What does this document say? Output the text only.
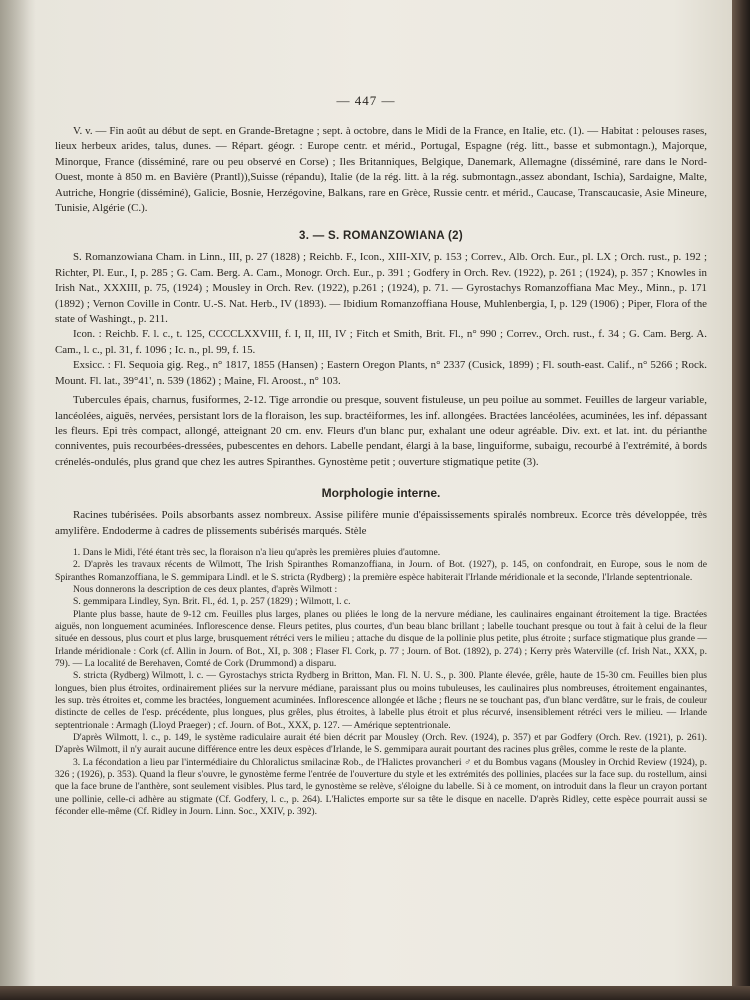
— 447 —

V. v. — Fin août au début de sept. en Grande-Bretagne ; sept. à octobre, dans le Midi de la France, en Italie, etc. (1). — Habitat : pelouses rases, lieux herbeux arides, talus, dunes. — Répart. géogr. : Europe centr. et mérid., Portugal, Espagne (rég. litt., basse et submontagn.), Majorque, Minorque, France (disséminé, rare ou peu observé en Corse) ; Iles Britanniques, Belgique, Danemark, Allemagne (disséminé, rare dans le Nord-Ouest, monte à 850 m. en Bavière (Prantl)),Suisse (répandu), Italie (de la rég. litt. à la rég. submontagn.,assez abondant, Ischia), Sardaigne, Malte, Autriche, Hongrie (disséminé), Galicie, Bosnie, Herzégovine, Balkans, rare en Grèce, Russie centr. et mérid., Caucase, Transcaucasie, Asie Mineure, Tunisie, Algérie (C.).

3. — S. ROMANZOWIANA (2)

S. Romanzowiana Cham. in Linn., III, p. 27 (1828) ; Reichb. F., Icon., XIII-XIV, p. 153 ; Correv., Alb. Orch. Eur., pl. LX ; Orch. rust., p. 192 ; Richter, Pl. Eur., I, p. 285 ; G. Cam. Berg. A. Cam., Monogr. Orch. Eur., p. 391 ; Godfery in Orch. Rev. (1922), p. 261 ; (1924), p. 357 ; Knowles in Irish Nat., XXXIII, p. 75, (1924) ; Mousley in Orch. Rev. (1922), p.261 ; (1924), p. 71. — Gyrostachys Romanzoffiana Mac Mey., Minn., p. 171 (1892) ; Vernon Coville in Contr. U.-S. Nat. Herb., IV (1893). — Ibidium Romanzoffiana House, Muhlenbergia, I, p. 129 (1906) ; Piper, Flora of the state of Washingt., p. 211.

Icon. : Reichb. F. l. c., t. 125, CCCCLXXVIII, f. I, II, III, IV ; Fitch et Smith, Brit. Fl., n° 990 ; Correv., Orch. rust., f. 34 ; G. Cam. Berg. A. Cam., l. c., pl. 31, f. 1096 ; Ic. n., pl. 99, f. 15.

Exsicc. : Fl. Sequoia gig. Reg., n° 1817, 1855 (Hansen) ; Eastern Oregon Plants, n° 2337 (Cusick, 1899) ; Fl. south-east. Calif., n° 5266 ; Rock. Mount. Fl. lat., 39°41', n. 539 (1862) ; Maine, Fl. Aroost., n° 103.

Tubercules épais, charnus, fusiformes, 2-12. Tige arrondie ou presque, souvent fistuleuse, un peu poilue au sommet. Feuilles de largeur variable, lancéolées, aiguës, nervées, persistant lors de la floraison, les sup. bractéiformes, les inf. allongées. Bractées lancéolées, acuminées, les inf. dépassant les fleurs. Epi très compact, allongé, atteignant 20 cm. env. Fleurs d'un blanc pur, exhalant une odeur agréable. Div. ext. et lat. int. du périanthe conniventes, puis recourbées-dressées, pubescentes en dehors. Labelle pendant, élargi à la base, linguiforme, subaigu, recourbé à l'extrémité, à bords crénelés-ondulés, plus grand que chez les autres Spiranthes. Gynostème petit ; ouverture stigmatique petite (3).

Morphologie interne.

Racines tubérisées. Poils absorbants assez nombreux. Assise pilifère munie d'épaississements spiralés nombreux. Ecorce très développée, très amylifère. Endoderme à cadres de plissements subérisés marqués. Stèle

1. Dans le Midi, l'été étant très sec, la floraison n'a lieu qu'après les premières pluies d'automne.

2. D'après les travaux récents de Wilmott, The Irish Spiranthes Romanzoffiana, in Journ. of Bot. (1927), p. 145, on confondrait, en Europe, sous le nom de Spiranthes Romanzoffiana, le S. gemmipara Lindl. et le S. stricta (Rydberg) ; la première espèce habiterait l'Irlande méridionale et la seconde, l'Irlande septentrionale.

Nous donnerons la description de ces deux plantes, d'après Wilmott :

S. gemmipara Lindley, Syn. Brit. Fl., éd. 1, p. 257 (1829) ; Wilmott, l. c.

Plante plus basse, haute de 9-12 cm. Feuilles plus larges, planes ou pliées le long de la nervure médiane, les caulinaires engainant étroitement la tige. Bractées aiguës, non longuement acuminées. Inflorescence dense. Fleurs petites, plus courtes, d'un beau blanc brillant ; labelle touchant presque ou tout à fait à celui de la fleur située en dessous, plus court et plus large, brusquement rétréci vers le milieu ; attache du disque de la pollinie plus petite, plus étroite ; surface stigmatique plus grande — Irlande méridionale : Cork (cf. Allin in Journ. of Bot., XI, p. 308 ; Flaser Fl. Cork, p. 77 ; Journ. of Bot. (1892), p. 274) ; Kerry près Waterville (cf. Irish Nat., XXX, p. 79). — La localité de Berehaven, Comté de Cork (Drummond) a disparu.

S. stricta (Rydberg) Wilmott, l. c. — Gyrostachys stricta Rydberg in Britton, Man. Fl. N. U. S., p. 300. Plante élevée, grêle, haute de 15-30 cm. Feuilles bien plus longues, bien plus étroites, ordinairement pliées sur la nervure médiane, paraissant plus ou moins tubuleuses, les caulinaires plus nombreuses, étroitement engainantes, les sup. très étroites et, comme les bractées, longuement acuminées. Inflorescence allongée et lâche ; fleurs ne se touchant pas, d'un blanc verdâtre, sur le frais, de couleur distincte de celles de l'esp. précédente, plus longues, plus grêles, plus étroites, à labelle plus étroit et plus récurvé, insensiblement rétréci vers le milieu. — Irlande septentrionale : Armagh (Lloyd Praeger) ; cf. Journ. of Bot., XXX, p. 127. — Amérique septentrionale.

D'après Wilmott, l. c., p. 149, le système radiculaire aurait été bien décrit par Mousley (Orch. Rev. (1924), p. 357) et par Godfery (Orch. Rev. (1921), p. 261). D'après Wilmott, il n'y aurait aucune différence entre les deux espèces d'Irlande, le S. gemmipara aurait pourtant des racines plus grêles, comme le reste de la plante.

3. La fécondation a lieu par l'intermédiaire du Chloralictus smilacinæ Rob., de l'Halictes provancheri ♂ et du Bombus vagans (Mousley in Orchid Review (1924), p. 326 ; (1926), p. 353). Quand la fleur s'ouvre, le gynostème ferme l'entrée de l'ouverture du style et les extrémités des pollinies, placées sur la face sup. du rostellum, ainsi que la face brune de l'anthère, sont seulement visibles. Plus tard, le gynostème se relève, s'éloigne du labelle. Si à ce moment, on introduit dans la fleur un crayon portant une pollinie, celle-ci adhère au stigmate (Cf. Godfery, l. c., p. 264). L'Halictes emporte sur sa tête le disque en nacelle. D'après Ridley, cette espèce pourrait aussi se féconder elle-même (Cf. Ridley in Journ. Linn. Soc., XXIV, p. 392).
